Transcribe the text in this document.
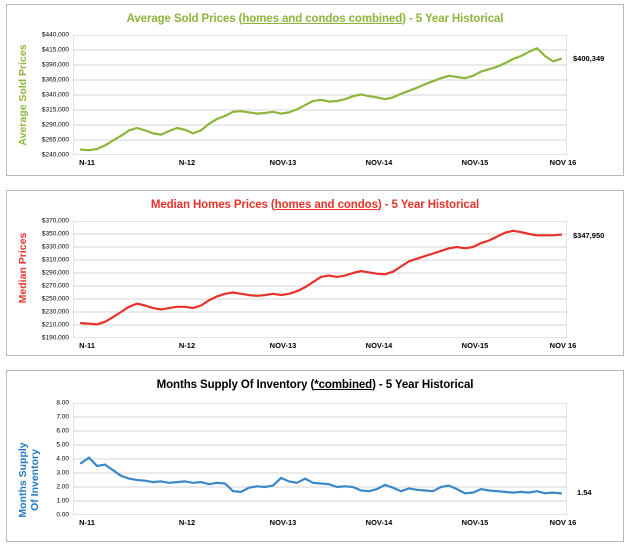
Average Sold Prices (homes and condos combined) - 5 Year Historical
Average Sold Prices
$440,000
$415,000
$390,000
$365,000
$340,000
$315,000
$290,000
$265,000
$240,000
N-11	N-12	NOV-13	NOV-14	NOV-15	NOV 16
$400,349
Median Homes Prices (homes and condos) - 5 Year Historical
Median Prices
$370,000
$350,000
$330,000
$310,000
$290,000
$270,000
$250,000
$230,000
$210,000
$190,000
N-11	N-12	NOV-13	NOV-14	NOV-15	NOV 16
$347,950
Months Supply Of Inventory (*combined) - 5 Year Historical
Months Supply Of Inventory
8.00
7.00
6.00
5.00
4.00
3.00
2.00
1.00
0.00
N-11	N-12	NOV-13	NOV-14	NOV-15	NOV 16
1.54
